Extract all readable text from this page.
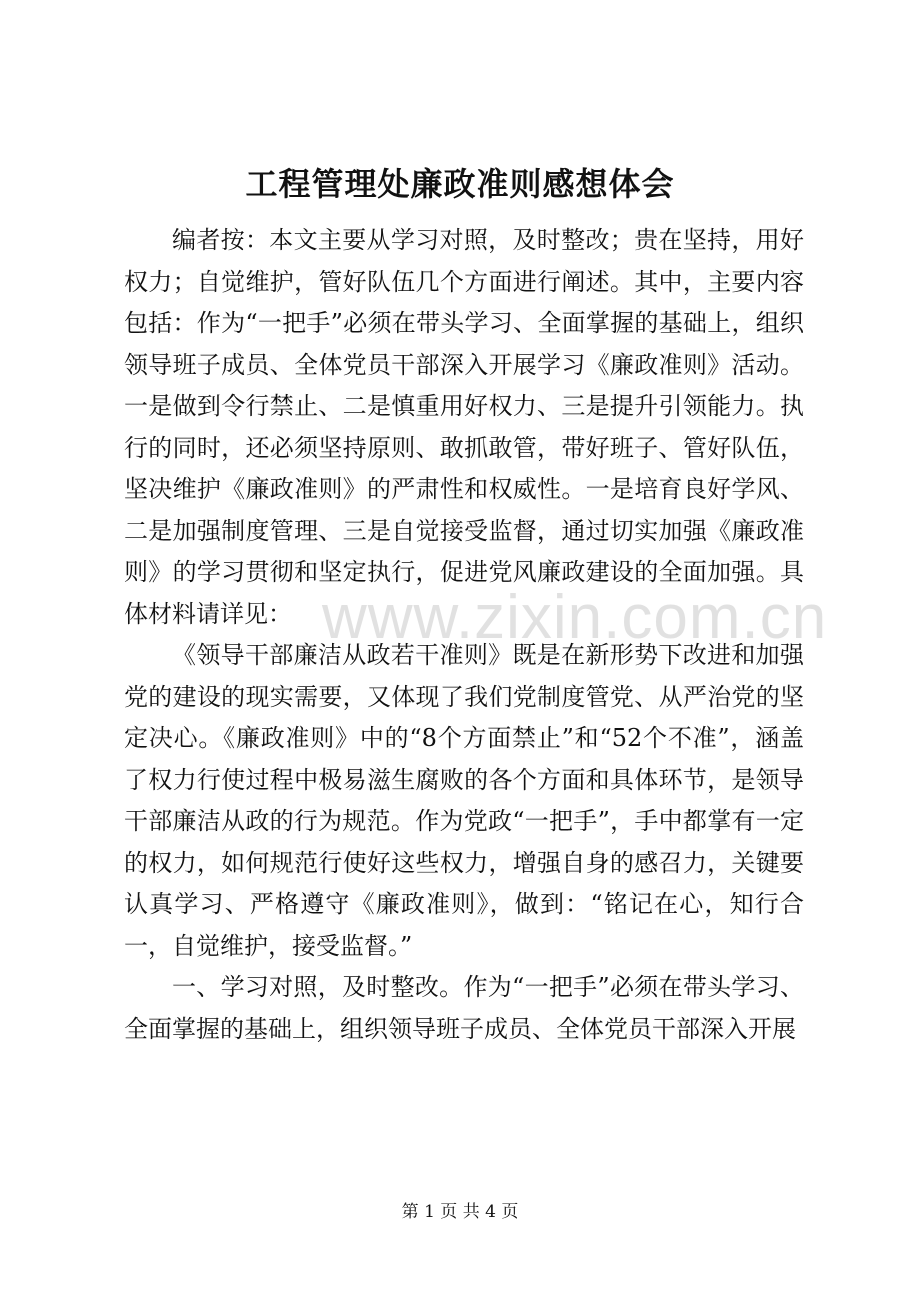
工程管理处廉政准则感想体会

编者按：本文主要从学习对照，及时整改；贵在坚持，用好权力；自觉维护，管好队伍几个方面进行阐述。其中，主要内容包括：作为“一把手”必须在带头学习、全面掌握的基础上，组织领导班子成员、全体党员干部深入开展学习《廉政准则》活动。一是做到令行禁止、二是慎重用好权力、三是提升引领能力。执行的同时，还必须坚持原则、敢抓敢管，带好班子、管好队伍，坚决维护《廉政准则》的严肃性和权威性。一是培育良好学风、二是加强制度管理、三是自觉接受监督，通过切实加强《廉政准则》的学习贯彻和坚定执行，促进党风廉政建设的全面加强。具体材料请详见：

《领导干部廉洁从政若干准则》既是在新形势下改进和加强党的建设的现实需要，又体现了我们党制度管党、从严治党的坚定决心。《廉政准则》中的“8个方面禁止”和“52个不准”，涵盖了权力行使过程中极易滋生腐败的各个方面和具体环节，是领导干部廉洁从政的行为规范。作为党政“一把手”，手中都掌有一定的权力，如何规范行使好这些权力，增强自身的感召力，关键要认真学习、严格遵守《廉政准则》，做到：“铭记在心，知行合一，自觉维护，接受监督。”

一、学习对照，及时整改。作为“一把手”必须在带头学习、全面掌握的基础上，组织领导班子成员、全体党员干部深入开展

www.zixin.com.cn
第 1 页 共 4 页
